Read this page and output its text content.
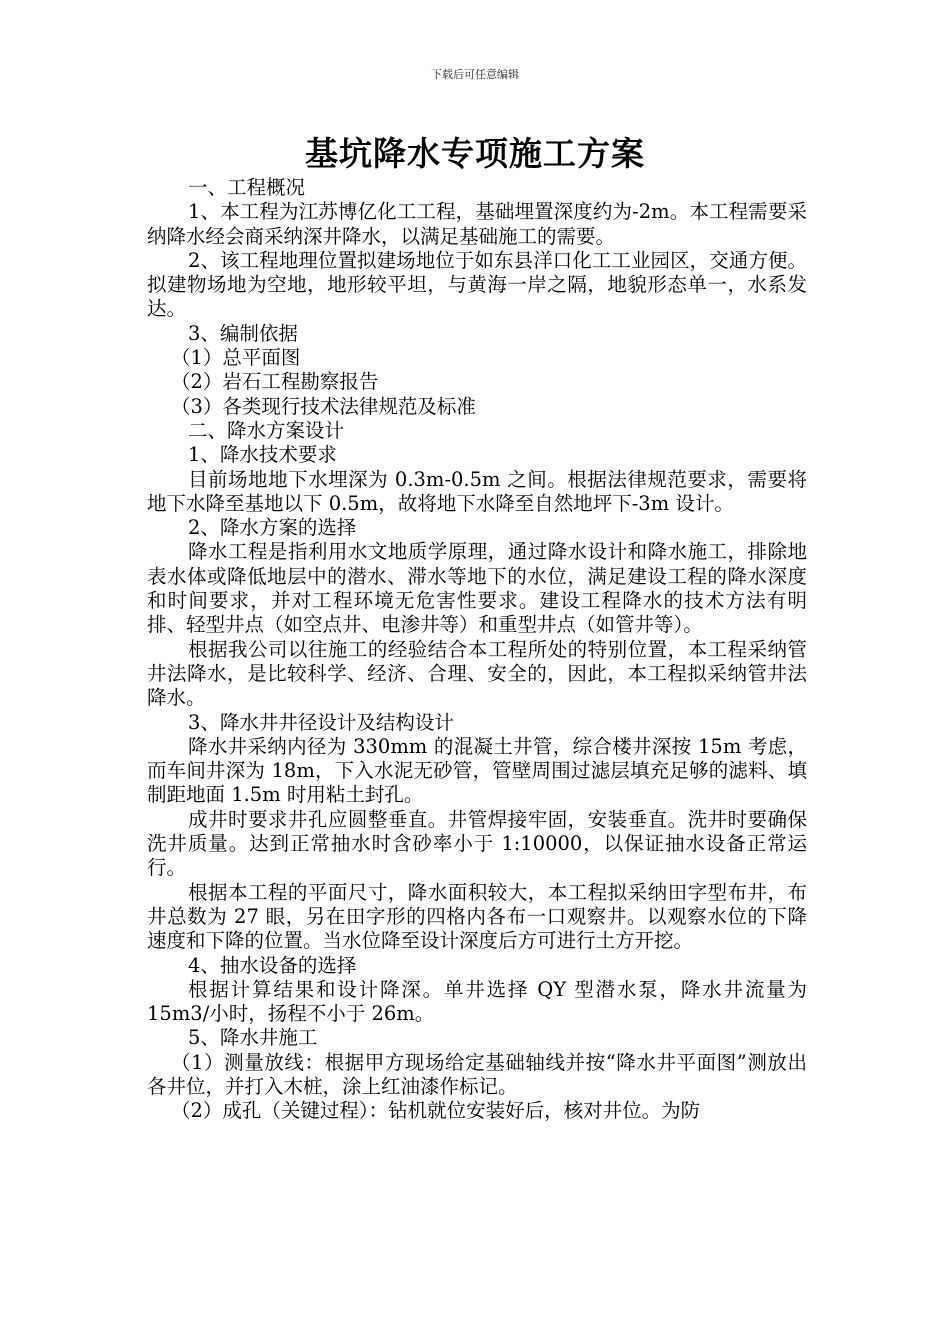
下载后可任意编辑
基坑降水专项施工方案

一、工程概况

1、本工程为江苏博亿化工工程，基础埋置深度约为-2m。本工程需要采纳降水经会商采纳深井降水，以满足基础施工的需要。

2、该工程地理位置拟建场地位于如东县洋口化工工业园区，交通方便。拟建物场地为空地，地形较平坦，与黄海一岸之隔，地貌形态单一，水系发达。

3、编制依据

（1）总平面图

（2）岩石工程勘察报告

（3）各类现行技术法律规范及标准

二、降水方案设计

1、降水技术要求

目前场地地下水埋深为 0.3m-0.5m 之间。根据法律规范要求，需要将地下水降至基地以下 0.5m，故将地下水降至自然地坪下-3m 设计。

2、降水方案的选择

降水工程是指利用水文地质学原理，通过降水设计和降水施工，排除地表水体或降低地层中的潜水、滞水等地下的水位，满足建设工程的降水深度和时间要求，并对工程环境无危害性要求。建设工程降水的技术方法有明排、轻型井点（如空点井、电渗井等）和重型井点（如管井等）。

根据我公司以往施工的经验结合本工程所处的特别位置，本工程采纳管井法降水，是比较科学、经济、合理、安全的，因此，本工程拟采纳管井法降水。

3、降水井井径设计及结构设计

降水井采纳内径为 330mm 的混凝土井管，综合楼井深按 15m 考虑，而车间井深为 18m，下入水泥无砂管，管壁周围过滤层填充足够的滤料、填制距地面 1.5m 时用粘土封孔。

成井时要求井孔应圆整垂直。井管焊接牢固，安装垂直。洗井时要确保洗井质量。达到正常抽水时含砂率小于 1:10000，以保证抽水设备正常运行。

根据本工程的平面尺寸，降水面积较大，本工程拟采纳田字型布井，布井总数为 27 眼，另在田字形的四格内各布一口观察井。以观察水位的下降速度和下降的位置。当水位降至设计深度后方可进行土方开挖。

4、抽水设备的选择

根据计算结果和设计降深。单井选择 QY 型潜水泵，降水井流量为 15m3/小时，扬程不小于 26m。

5、降水井施工

（1）测量放线：根据甲方现场给定基础轴线并按“降水井平面图”测放出各井位，并打入木桩，涂上红油漆作标记。

（2）成孔（关键过程）：钻机就位安装好后，核对井位。为防
